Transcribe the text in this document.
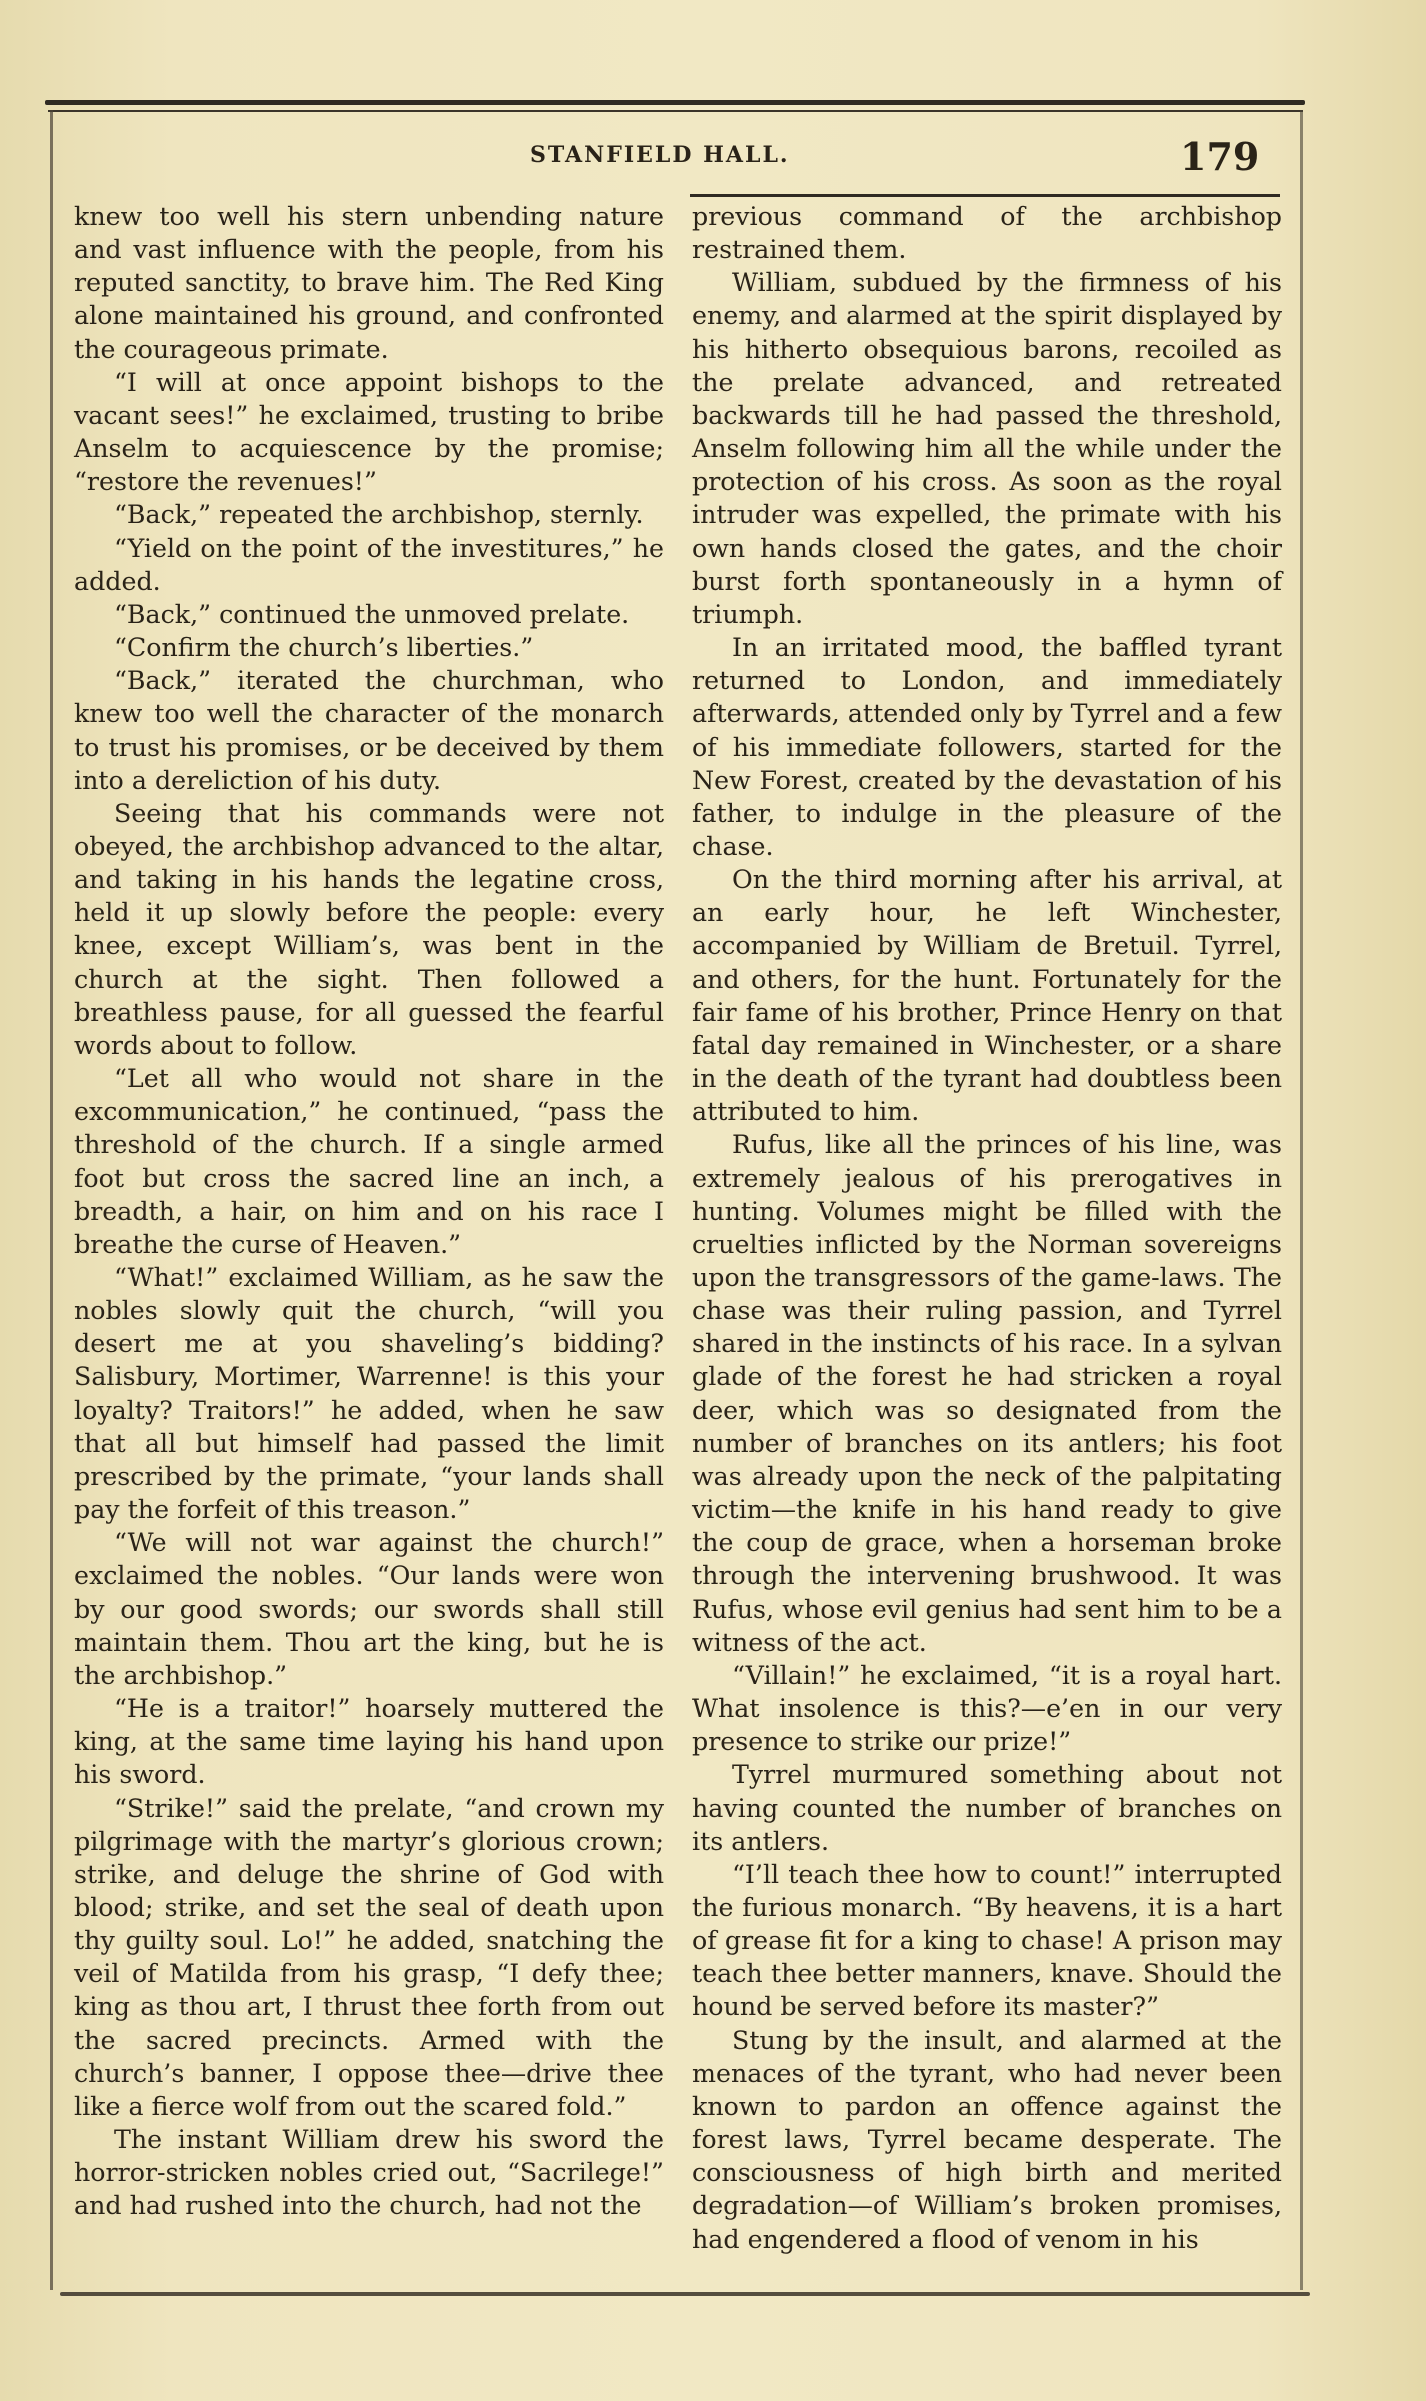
STANFIELD HALL.	179

knew too well his stern unbending nature and vast influence with the people, from his reputed sanctity, to brave him. The Red King alone maintained his ground, and confronted the courageous primate.

“I will at once appoint bishops to the vacant sees!” he exclaimed, trusting to bribe Anselm to acquiescence by the promise; “restore the revenues!”

“Back,” repeated the archbishop, sternly.

“Yield on the point of the investitures,” he added.

“Back,” continued the unmoved prelate.

“Confirm the church’s liberties.”

“Back,” iterated the churchman, who knew too well the character of the monarch to trust his promises, or be deceived by them into a dereliction of his duty.

Seeing that his commands were not obeyed, the archbishop advanced to the altar, and taking in his hands the legatine cross, held it up slowly before the people: every knee, except William’s, was bent in the church at the sight. Then followed a breathless pause, for all guessed the fearful words about to follow.

“Let all who would not share in the excommunication,” he continued, “pass the threshold of the church. If a single armed foot but cross the sacred line an inch, a breadth, a hair, on him and on his race I breathe the curse of Heaven.”

“What!” exclaimed William, as he saw the nobles slowly quit the church, “will you desert me at you shaveling’s bidding? Salisbury, Mortimer, Warrenne! is this your loyalty? Traitors!” he added, when he saw that all but himself had passed the limit prescribed by the primate, “your lands shall pay the forfeit of this treason.”

“We will not war against the church!” exclaimed the nobles. “Our lands were won by our good swords; our swords shall still maintain them. Thou art the king, but he is the archbishop.”

“He is a traitor!” hoarsely muttered the king, at the same time laying his hand upon his sword.

“Strike!” said the prelate, “and crown my pilgrimage with the martyr’s glorious crown; strike, and deluge the shrine of God with blood; strike, and set the seal of death upon thy guilty soul. Lo!” he added, snatching the veil of Matilda from his grasp, “I defy thee; king as thou art, I thrust thee forth from out the sacred precincts. Armed with the church’s banner, I oppose thee—drive thee like a fierce wolf from out the scared fold.”

The instant William drew his sword the horror-stricken nobles cried out, “Sacrilege!” and had rushed into the church, had not the

previous command of the archbishop restrained them.

William, subdued by the firmness of his enemy, and alarmed at the spirit displayed by his hitherto obsequious barons, recoiled as the prelate advanced, and retreated backwards till he had passed the threshold, Anselm following him all the while under the protection of his cross. As soon as the royal intruder was expelled, the primate with his own hands closed the gates, and the choir burst forth spontaneously in a hymn of triumph.

In an irritated mood, the baffled tyrant returned to London, and immediately afterwards, attended only by Tyrrel and a few of his immediate followers, started for the New Forest, created by the devastation of his father, to indulge in the pleasure of the chase.

On the third morning after his arrival, at an early hour, he left Winchester, accompanied by William de Bretuil. Tyrrel, and others, for the hunt. Fortunately for the fair fame of his brother, Prince Henry on that fatal day remained in Winchester, or a share in the death of the tyrant had doubtless been attributed to him.

Rufus, like all the princes of his line, was extremely jealous of his prerogatives in hunting. Volumes might be filled with the cruelties inflicted by the Norman sovereigns upon the transgressors of the game-laws. The chase was their ruling passion, and Tyrrel shared in the instincts of his race. In a sylvan glade of the forest he had stricken a royal deer, which was so designated from the number of branches on its antlers; his foot was already upon the neck of the palpitating victim—the knife in his hand ready to give the coup de grace, when a horseman broke through the intervening brushwood. It was Rufus, whose evil genius had sent him to be a witness of the act.

“Villain!” he exclaimed, “it is a royal hart. What insolence is this?—e’en in our very presence to strike our prize!”

Tyrrel murmured something about not having counted the number of branches on its antlers.

“I’ll teach thee how to count!” interrupted the furious monarch. “By heavens, it is a hart of grease fit for a king to chase! A prison may teach thee better manners, knave. Should the hound be served before its master?”

Stung by the insult, and alarmed at the menaces of the tyrant, who had never been known to pardon an offence against the forest laws, Tyrrel became desperate. The consciousness of high birth and merited degradation—of William’s broken promises, had engendered a flood of venom in his
